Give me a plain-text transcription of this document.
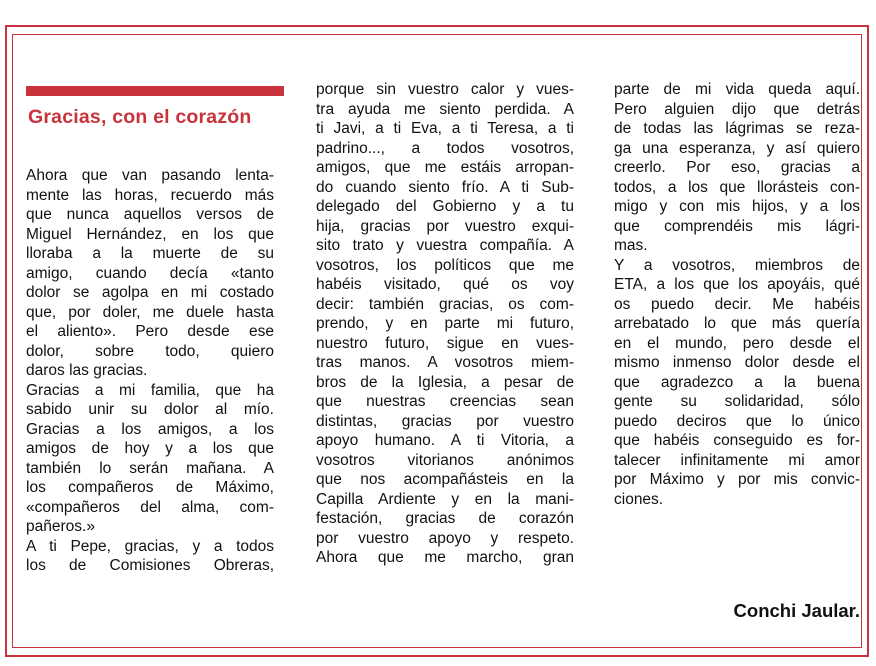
Gracias, con el corazón
Ahora que van pasando lenta-
mente las horas, recuerdo más
que nunca aquellos versos de
Miguel Hernández, en los que
lloraba a la muerte de su
amigo, cuando decía «tanto
dolor se agolpa en mi costado
que, por doler, me duele hasta
el aliento». Pero desde ese
dolor, sobre todo, quiero
daros las gracias.
Gracias a mi familia, que ha
sabido unir su dolor al mío.
Gracias a los amigos, a los
amigos de hoy y a los que
también lo serán mañana. A
los compañeros de Máximo,
«compañeros del alma, com-
pañeros.»
A ti Pepe, gracias, y a todos
los de Comisiones Obreras,
porque sin vuestro calor y vues-
tra ayuda me siento perdida. A
ti Javi, a ti Eva, a ti Teresa, a ti
padrino..., a todos vosotros,
amigos, que me estáis arropan-
do cuando siento frío. A ti Sub-
delegado del Gobierno y a tu
hija, gracias por vuestro exqui-
sito trato y vuestra compañía. A
vosotros, los políticos que me
habéis visitado, qué os voy
decir: también gracias, os com-
prendo, y en parte mi futuro,
nuestro futuro, sigue en vues-
tras manos. A vosotros miem-
bros de la Iglesia, a pesar de
que nuestras creencias sean
distintas, gracias por vuestro
apoyo humano. A ti Vitoria, a
vosotros vitorianos anónimos
que nos acompañásteis en la
Capilla Ardiente y en la mani-
festación, gracias de corazón
por vuestro apoyo y respeto.
Ahora que me marcho, gran
parte de mi vida queda aquí.
Pero alguien dijo que detrás
de todas las lágrimas se reza-
ga una esperanza, y así quiero
creerlo. Por eso, gracias a
todos, a los que llorásteis con-
migo y con mis hijos, y a los
que comprendéis mis lágri-
mas.
Y a vosotros, miembros de
ETA, a los que los apoyáis, qué
os puedo decir. Me habéis
arrebatado lo que más quería
en el mundo, pero desde el
mismo inmenso dolor desde el
que agradezco a la buena
gente su solidaridad, sólo
puedo deciros que lo único
que habéis conseguido es for-
talecer infinitamente mi amor
por Máximo y por mis convic-
ciones.
Conchi Jaular.
